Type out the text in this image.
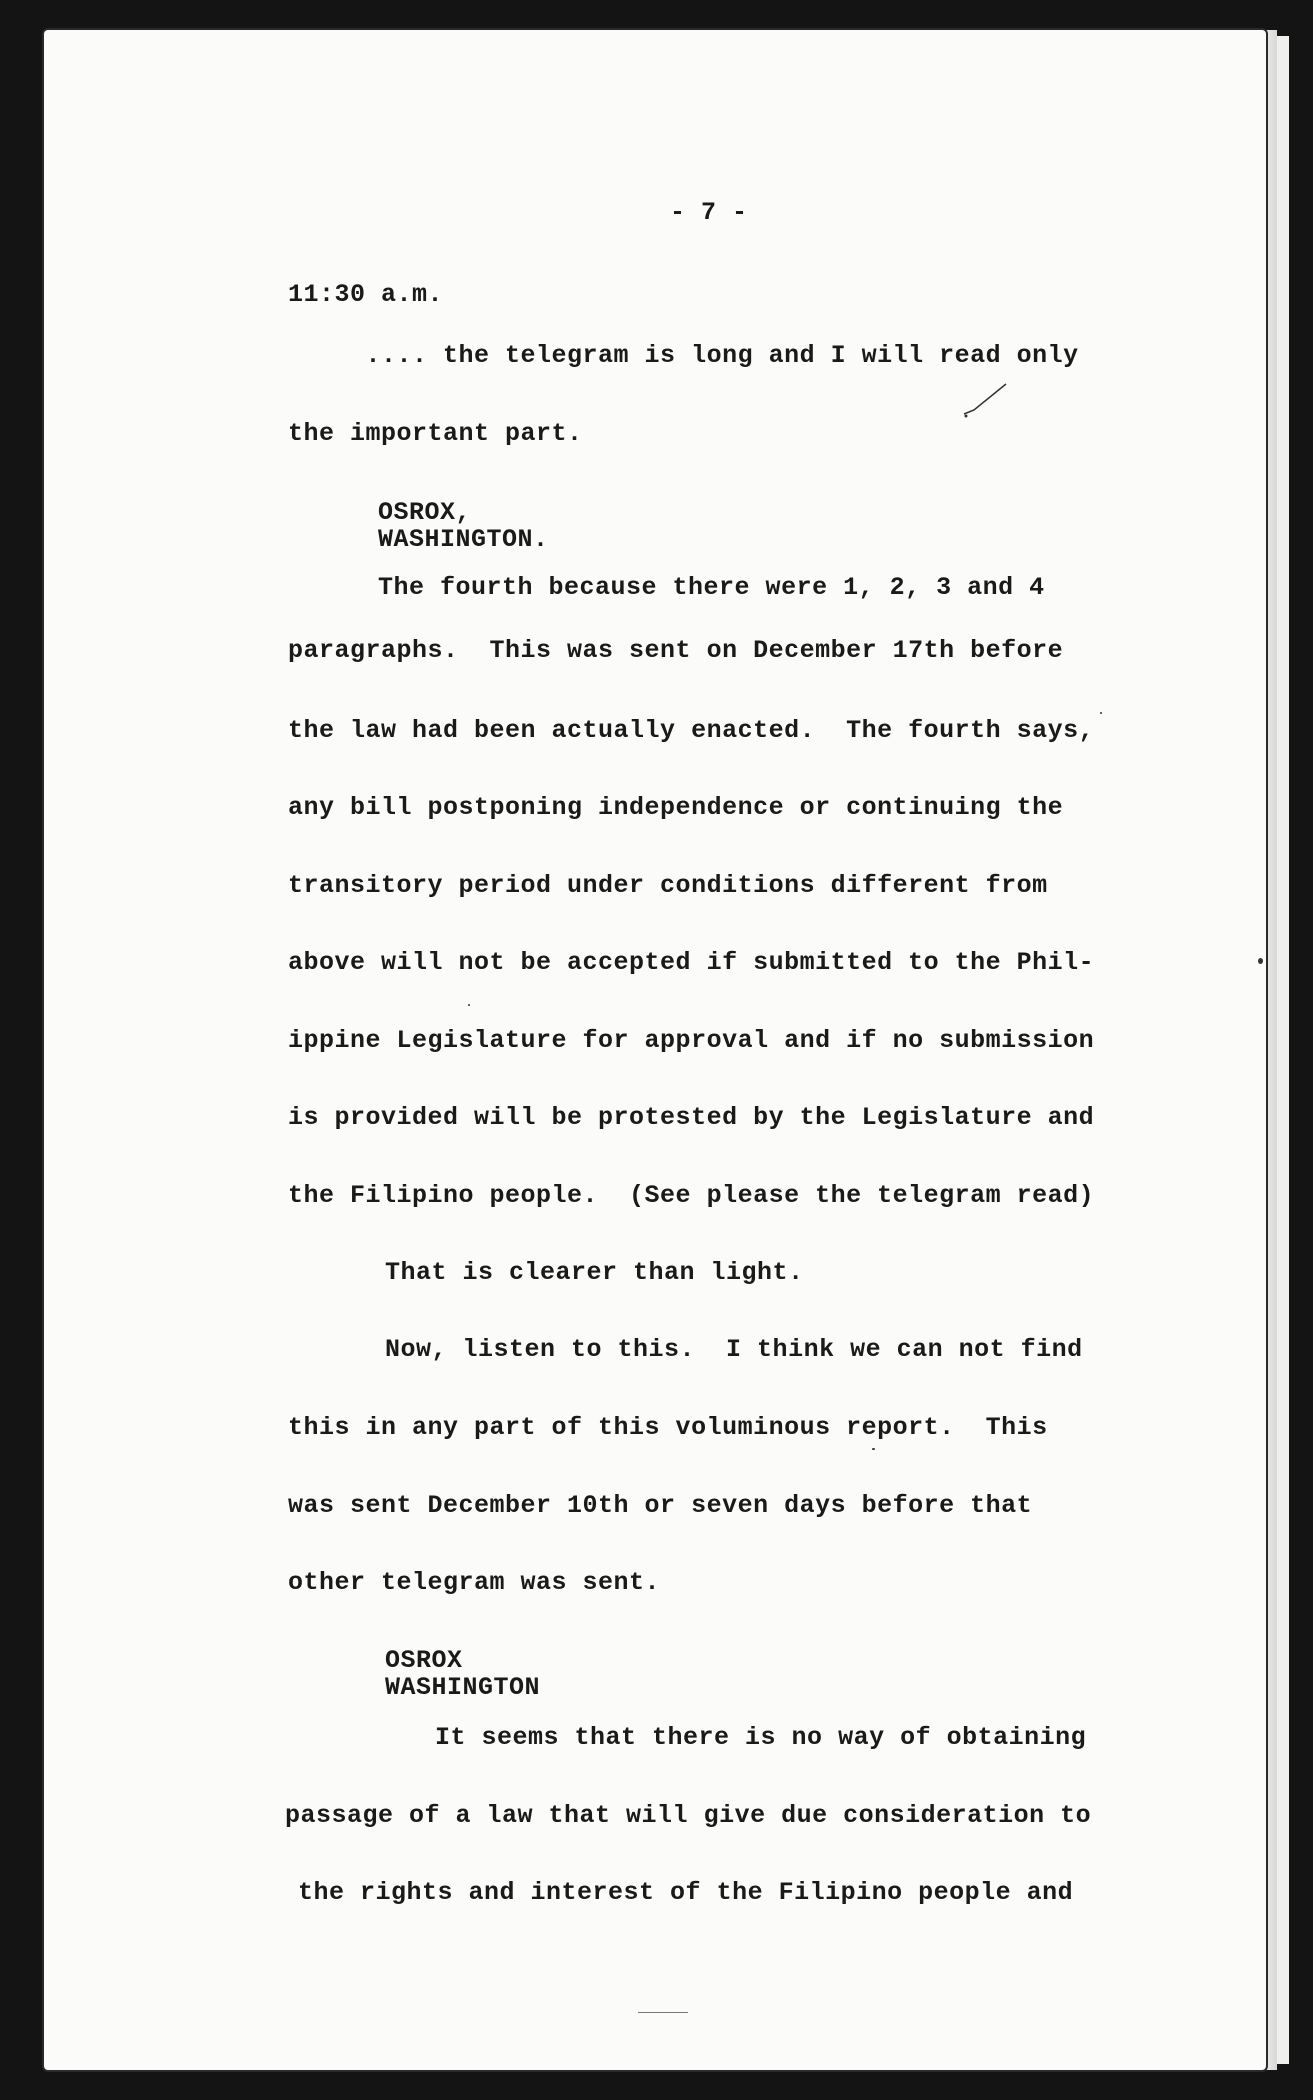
- 7 -
11:30 a.m.
.... the telegram is long and I will read only
the important part.
OSROX,
WASHINGTON.
The fourth because there were 1, 2, 3 and 4
paragraphs.  This was sent on December 17th before
the law had been actually enacted.  The fourth says,
any bill postponing independence or continuing the
transitory period under conditions different from
above will not be accepted if submitted to the Phil-
ippine Legislature for approval and if no submission
is provided will be protested by the Legislature and
the Filipino people.  (See please the telegram read)
That is clearer than light.
Now, listen to this.  I think we can not find
this in any part of this voluminous report.  This
was sent December 10th or seven days before that
other telegram was sent.
OSROX
WASHINGTON
It seems that there is no way of obtaining
passage of a law that will give due consideration to
the rights and interest of the Filipino people and
